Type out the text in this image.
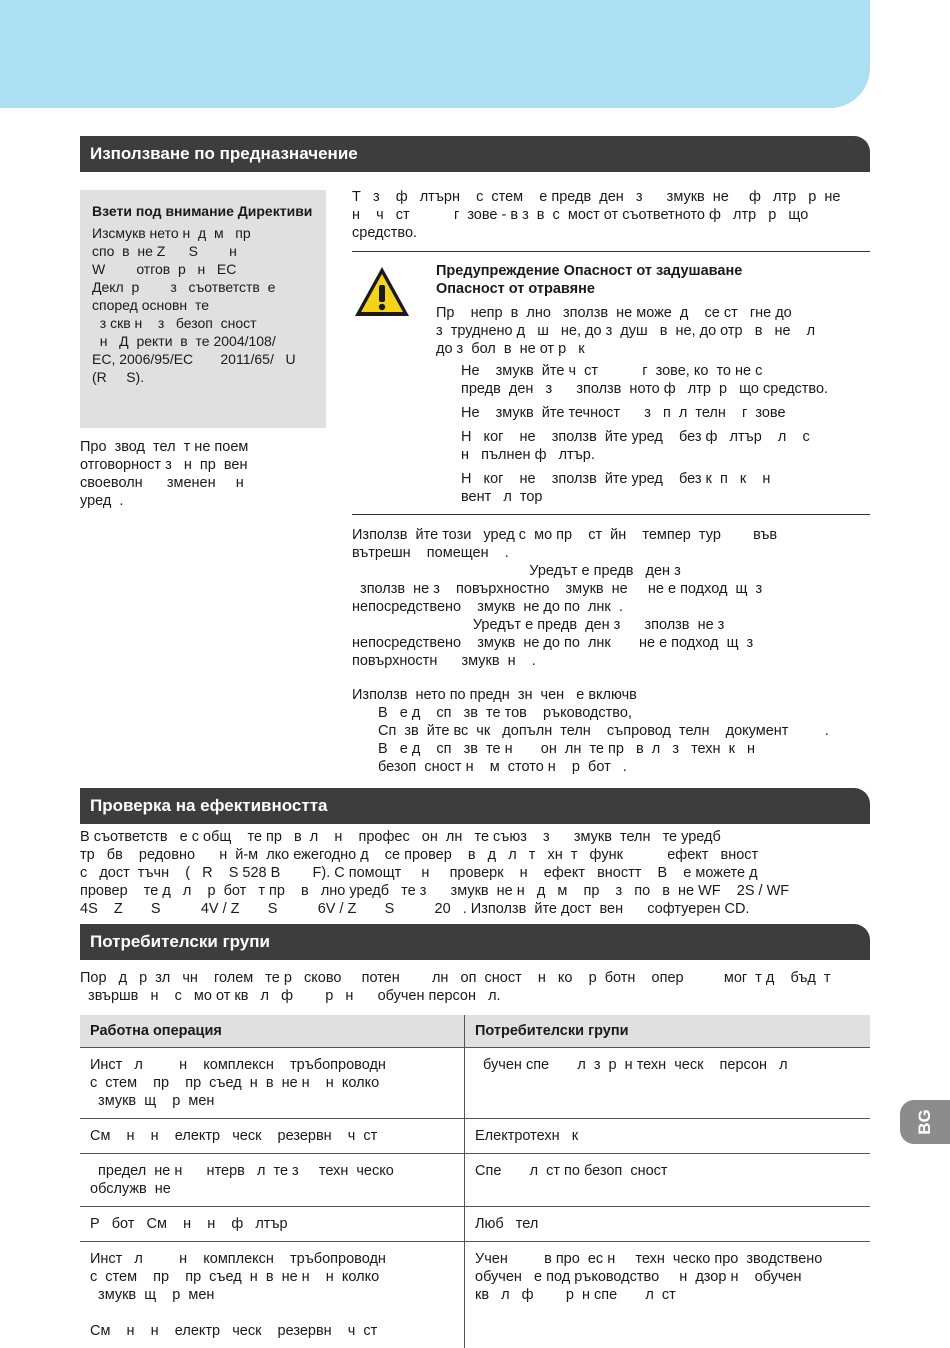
Използване по предназначение
Взети под внимание Директиви
Изсмукв нето н  д  м   пр
спо  в  не Z      S        н
W        отгов  р   н   EC
Декл  р        з   съответств  е
според основн  те
з скв н    з   безоп  сност
н   Д  ректи  в  те 2004/108/
EC, 2006/95/EC       2011/65/   U
(R     S).
Про  звод  тел  т не поем
отговорност з   н  пр  вен
своеволн      зменен     н
уред  .
Т   з    ф   лтърн    с  стем    е предв  ден   з      змукв  не     ф   лтр   р  не
н    ч   ст           г  зове - в з  в  с  мост от съответното ф   лтр   р   що
средство.
Предупреждение Опасност от задушаване
Опасност от отравяне
Пр    непр  в  лно   зползв  не може  д    се ст   гне до
з  труднено д   ш   не, до з  душ   в  не, до отр   в   не    л
до з  бол  в  не от р   к
Не    змукв  йте ч  ст           г  зове, ко  то не с
предв  ден   з      зползв  ното ф   лтр  р   що средство.
Не    змукв  йте течност      з   п  л  телн    г  зове
Н   ког    не    зползв  йте уред    без ф   лтър    л    с
н   пълнен ф   лтър.
Н   ког    не    зползв  йте уред    без к  п   к    н
вент   л  тор
Използв  йте този   уред с  мо пр    ст  йн    темпер  тур        във
вътрешн    помещен    .
Уредът е предв   ден з
зползв  не з    повърхностно    змукв  не     не е подход  щ  з
непосредствено    змукв  не до по  лнк  .
Уредът е предв  ден з      зползв  не з
непосредствено    змукв  не до по  лнк       не е подход  щ  з
повърхностн      змукв  н    .
Използв  нето по предн  зн  чен   е включв
В   е д    сп   зв  те тов    ръководство,
Сп  зв  йте вс  чк   допълн  телн    съпровод  телн    документ         .
В   е д    сп   зв  те н       он  лн  те пр   в  л   з   техн  к   н
безоп  сност н    м  стото н    р  бот   .
Проверка на ефективността
В съответств   е с общ    те пр   в  л    н    профес   он  лн   те съюз    з      змукв  телн   те уредб
тр   бв    редовно      н  й-м  лко ежегодно д    се провер    в   д   л   т   хн  т   функ           ефект   вност
с   дост  тъчн    (   R    S 528 В        F). С помощт     н     проверк    н    ефект   вностт    В    е можете д
провер    те д   л    р  бот   т пр    в   лно уредб   те з      змукв  не н   д   м    пр    з   по   в  не WF    2S / WF
4S    Z       S          4V / Z       S          6V / Z       S          20   . Използв  йте дост  вен      софтуерен CD.
Потребителски групи
Пор   д   р  зл   чн    голем   те р   сково     потен        лн   оп  сност    н   ко    р  ботн    опер          мог  т д    бъд  т
звършв   н    с   мо от кв   л   ф        р   н      обучен персон   л.
Работна операция	Потребителски групи
Инст   л         н    комплексн    тръбопроводн
с  стем    пр    пр  съед  н  в  не н    н  колко
змукв  щ    р  мен	бучен спе       л  з  р  н техн  ческ    персон   л
См    н    н    електр   ческ    резервн    ч  ст	Електротехн   к
предел  не н      нтерв   л  те з     техн  ческо
обслужв  не	Спе       л  ст по безоп  сност
Р   бот   См    н    н    ф   лтър	Люб   тел
Инст   л         н    комплексн    тръбопроводн
с  стем    пр    пр  съед  н  в  не н    н  колко
змукв  щ    р  мен

См    н    н    електр   ческ    резервн    ч  ст	Учен         в про  ес н     техн  ческо про  зводствено
обучен   е под ръководство     н  дзор н    обучен
кв   л   ф        р  н спе       л  ст
BG
